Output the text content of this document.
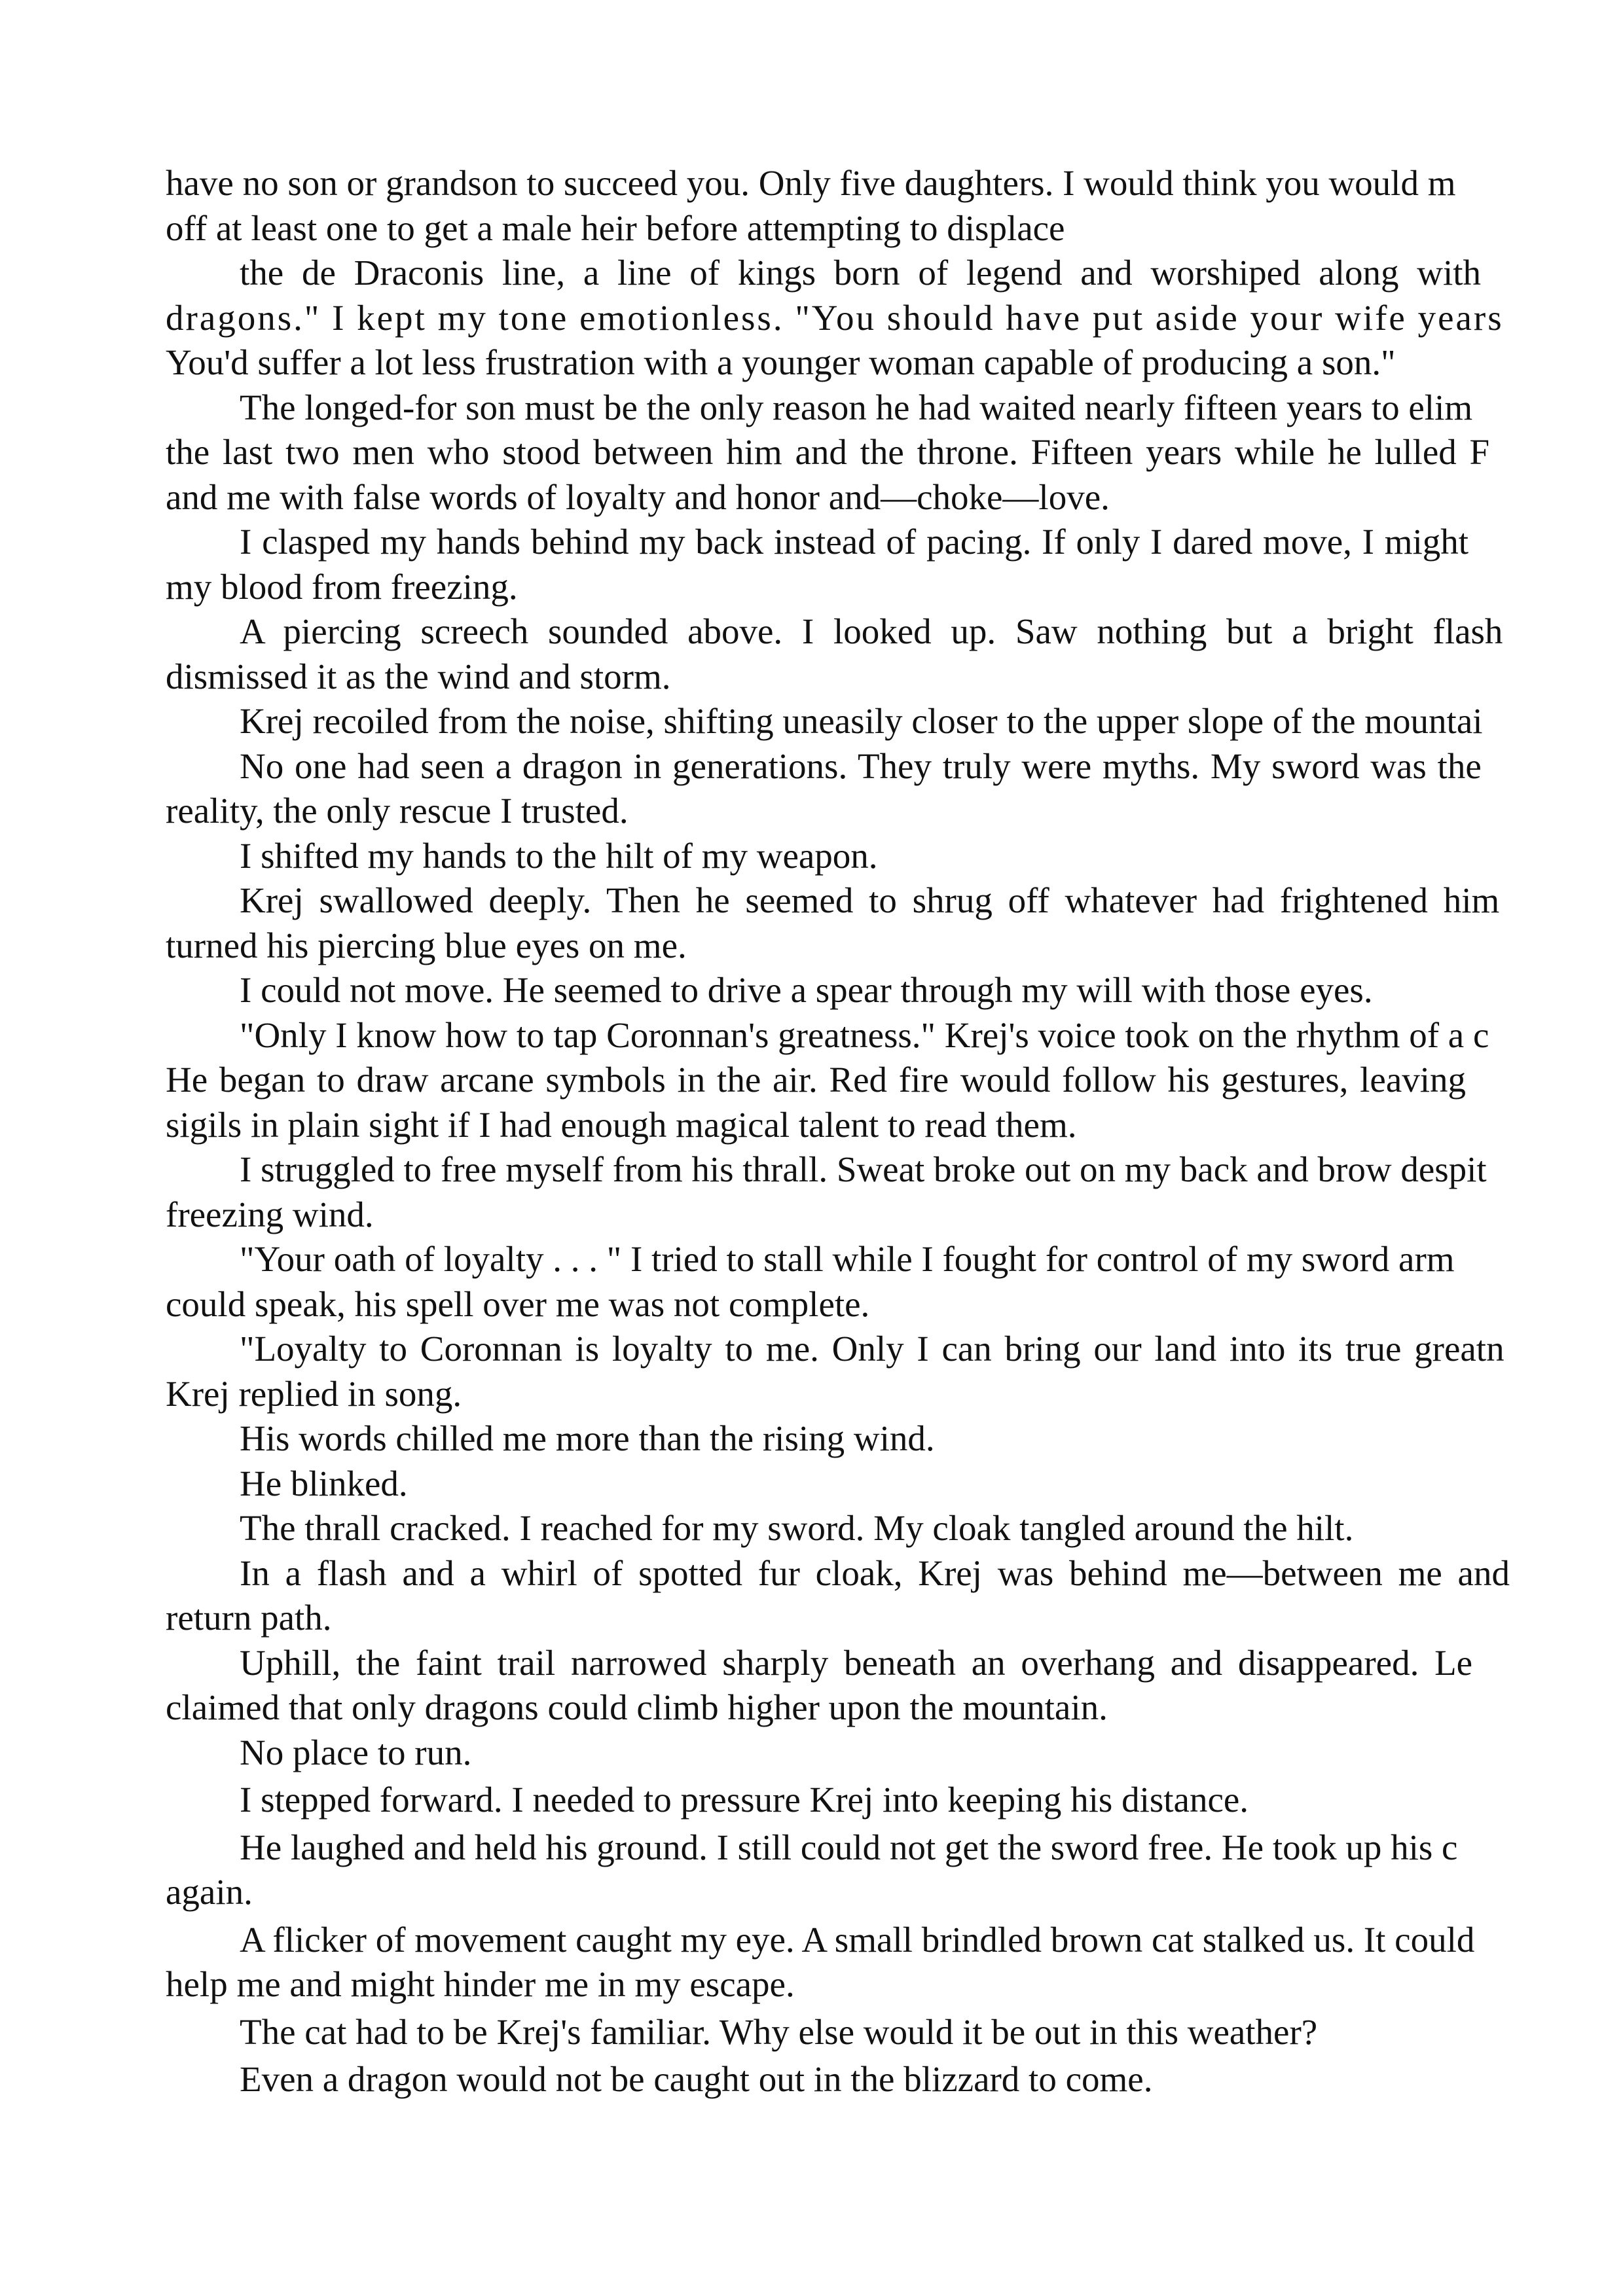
have no son or grandson to succeed you. Only five daughters. I would think you would m
off at least one to get a male heir before attempting to displace
the de Draconis line, a line of kings born of legend and worshiped along with
dragons." I kept my tone emotionless. "You should have put aside your wife years
You'd suffer a lot less frustration with a younger woman capable of producing a son."
The longed-for son must be the only reason he had waited nearly fifteen years to elim
the last two men who stood between him and the throne. Fifteen years while he lulled F
and me with false words of loyalty and honor and—choke—love.
I clasped my hands behind my back instead of pacing. If only I dared move, I might
my blood from freezing.
A piercing screech sounded above. I looked up. Saw nothing but a bright flash
dismissed it as the wind and storm.
Krej recoiled from the noise, shifting uneasily closer to the upper slope of the mountai
No one had seen a dragon in generations. They truly were myths. My sword was the
reality, the only rescue I trusted.
I shifted my hands to the hilt of my weapon.
Krej swallowed deeply. Then he seemed to shrug off whatever had frightened him
turned his piercing blue eyes on me.
I could not move. He seemed to drive a spear through my will with those eyes.
"Only I know how to tap Coronnan's greatness." Krej's voice took on the rhythm of a c
He began to draw arcane symbols in the air. Red fire would follow his gestures, leaving
sigils in plain sight if I had enough magical talent to read them.
I struggled to free myself from his thrall. Sweat broke out on my back and brow despit
freezing wind.
"Your oath of loyalty . . . " I tried to stall while I fought for control of my sword arm
could speak, his spell over me was not complete.
"Loyalty to Coronnan is loyalty to me. Only I can bring our land into its true greatn
Krej replied in song.
His words chilled me more than the rising wind.
He blinked.
The thrall cracked. I reached for my sword. My cloak tangled around the hilt.
In a flash and a whirl of spotted fur cloak, Krej was behind me—between me and
return path.
Uphill, the faint trail narrowed sharply beneath an overhang and disappeared. Le
claimed that only dragons could climb higher upon the mountain.
No place to run.
I stepped forward. I needed to pressure Krej into keeping his distance.
He laughed and held his ground. I still could not get the sword free. He took up his c
again.
A flicker of movement caught my eye. A small brindled brown cat stalked us. It could
help me and might hinder me in my escape.
The cat had to be Krej's familiar. Why else would it be out in this weather?
Even a dragon would not be caught out in the blizzard to come.
